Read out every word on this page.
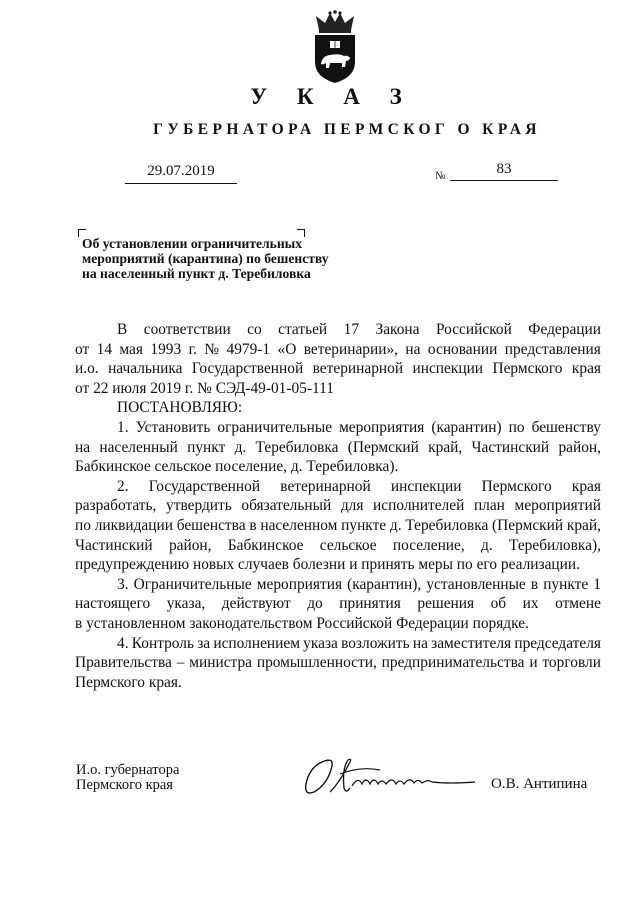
У К А З
ГУБЕРНАТОРА ПЕРМСКОГ О КРАЯ
29.07.2019	№	83
Об установлении ограничительных
мероприятий (карантина) по бешенству
на населенный пункт д. Теребиловка
В соответствии со статьей 17 Закона Российской Федерации
от 14 мая 1993 г. № 4979-1 «О ветеринарии», на основании представления
и.о. начальника Государственной ветеринарной инспекции Пермского края
от 22 июля 2019 г. № СЭД-49-01-05-111
ПОСТАНОВЛЯЮ:
1. Установить ограничительные мероприятия (карантин) по бешенству
на населенный пункт д. Теребиловка (Пермский край, Частинский район,
Бабкинское сельское поселение, д. Теребиловка).
2. Государственной ветеринарной инспекции Пермского края
разработать, утвердить обязательный для исполнителей план мероприятий
по ликвидации бешенства в населенном пункте д. Теребиловка (Пермский край,
Частинский район, Бабкинское сельское поселение, д. Теребиловка),
предупреждению новых случаев болезни и принять меры по его реализации.
3. Ограничительные мероприятия (карантин), установленные в пункте 1
настоящего указа, действуют до принятия решения об их отмене
в установленном законодательством Российской Федерации порядке.
4. Контроль за исполнением указа возложить на заместителя председателя
Правительства – министра промышленности, предпринимательства и торговли
Пермского края.
И.о. губернатора
Пермского края	О.В. Антипина
